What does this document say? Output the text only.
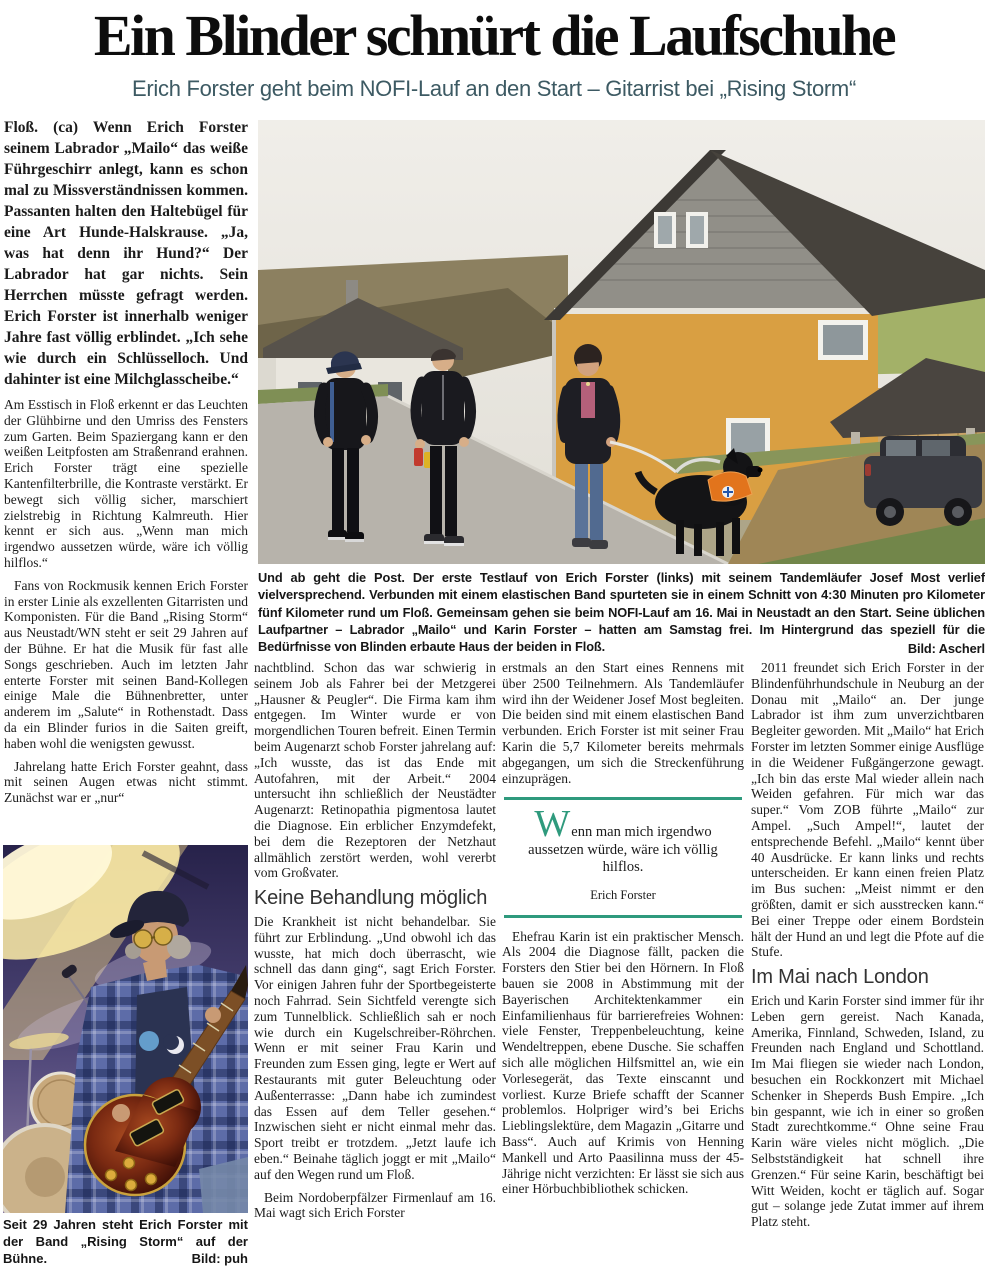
Ein Blinder schnürt die Laufschuhe
Erich Forster geht beim NOFI-Lauf an den Start – Gitarrist bei „Rising Storm“

Floß. (ca) Wenn Erich Forster seinem Labrador „Mailo“ das weiße Führgeschirr anlegt, kann es schon mal zu Missverständnissen kommen. Passanten halten den Haltebügel für eine Art Hunde-Halskrause. „Ja, was hat denn ihr Hund?“ Der Labrador hat gar nichts. Sein Herrchen müsste gefragt werden. Erich Forster ist innerhalb weniger Jahre fast völlig erblindet. „Ich sehe wie durch ein Schlüsselloch. Und dahinter ist eine Milchglasscheibe.“

Am Esstisch in Floß erkennt er das Leuchten der Glühbirne und den Umriss des Fensters zum Garten. Beim Spaziergang kann er den weißen Leitpfosten am Straßenrand erahnen. Erich Forster trägt eine spezielle Kantenfilterbrille, die Kontraste verstärkt. Er bewegt sich völlig sicher, marschiert zielstrebig in Richtung Kalmreuth. Hier kennt er sich aus. „Wenn man mich irgendwo aussetzen würde, wäre ich völlig hilflos.“

Fans von Rockmusik kennen Erich Forster in erster Linie als exzellenten Gitarristen und Komponisten. Für die Band „Rising Storm“ aus Neustadt/WN steht er seit 29 Jahren auf der Bühne. Er hat die Musik für fast alle Songs geschrieben. Auch im letzten Jahr enterte Forster mit seinen Band-Kollegen einige Male die Bühnenbretter, unter anderem im „Salute“ in Rothenstadt. Dass da ein Blinder furios in die Saiten greift, haben wohl die wenigsten gewusst.

Jahrelang hatte Erich Forster geahnt, dass mit seinen Augen etwas nicht stimmt. Zunächst war er „nur“

Und ab geht die Post. Der erste Testlauf von Erich Forster (links) mit seinem Tandemläufer Josef Most verlief vielversprechend. Verbunden mit einem elastischen Band spurteten sie in einem Schnitt von 4:30 Minuten pro Kilometer fünf Kilometer rund um Floß. Gemeinsam gehen sie beim NOFI-Lauf am 16. Mai in Neustadt an den Start. Seine üblichen Laufpartner – Labrador „Mailo“ und Karin Forster – hatten am Samstag frei. Im Hintergrund das speziell für die Bedürfnisse von Blinden erbaute Haus der beiden in Floß.	Bild: Ascherl

nachtblind. Schon das war schwierig in seinem Job als Fahrer bei der Metzgerei „Hausner & Peugler“. Die Firma kam ihm entgegen. Im Winter wurde er von morgendlichen Touren befreit. Einen Termin beim Augenarzt schob Forster jahrelang auf: „Ich wusste, das ist das Ende mit Autofahren, mit der Arbeit.“ 2004 untersucht ihn schließlich der Neustädter Augenarzt: Retinopathia pigmentosa lautet die Diagnose. Ein erblicher Enzymdefekt, bei dem die Rezeptoren der Netzhaut allmählich zerstört werden, wohl vererbt vom Großvater.

Keine Behandlung möglich

Die Krankheit ist nicht behandelbar. Sie führt zur Erblindung. „Und obwohl ich das wusste, hat mich doch überrascht, wie schnell das dann ging“, sagt Erich Forster. Vor einigen Jahren fuhr der Sportbegeisterte noch Fahrrad. Sein Sichtfeld verengte sich zum Tunnelblick. Schließlich sah er noch wie durch ein Kugelschreiber-Röhrchen. Wenn er mit seiner Frau Karin und Freunden zum Essen ging, legte er Wert auf Restaurants mit guter Beleuchtung oder Außenterrasse: „Dann habe ich zumindest das Essen auf dem Teller gesehen.“ Inzwischen sieht er nicht einmal mehr das. Sport treibt er trotzdem. „Jetzt laufe ich eben.“ Beinahe täglich joggt er mit „Mailo“ auf den Wegen rund um Floß.

Beim Nordoberpfälzer Firmenlauf am 16. Mai wagt sich Erich Forster

erstmals an den Start eines Rennens mit über 2500 Teilnehmern. Als Tandemläufer wird ihn der Weidener Josef Most begleiten. Die beiden sind mit einem elastischen Band verbunden. Erich Forster ist mit seiner Frau Karin die 5,7 Kilometer bereits mehrmals abgegangen, um sich die Streckenführung einzuprägen.

Wenn man mich irgendwo aussetzen würde, wäre ich völlig hilflos.
Erich Forster

Ehefrau Karin ist ein praktischer Mensch. Als 2004 die Diagnose fällt, packen die Forsters den Stier bei den Hörnern. In Floß bauen sie 2008 in Abstimmung mit der Bayerischen Architektenkammer ein Einfamilienhaus für barrierefreies Wohnen: viele Fenster, Treppenbeleuchtung, keine Wendeltreppen, ebene Dusche. Sie schaffen sich alle möglichen Hilfsmittel an, wie ein Vorlesegerät, das Texte einscannt und vorliest. Kurze Briefe schafft der Scanner problemlos. Holpriger wird’s bei Erichs Lieblingslektüre, dem Magazin „Gitarre und Bass“. Auch auf Krimis von Henning Mankell und Arto Paasilinna muss der 45-Jährige nicht verzichten: Er lässt sie sich aus einer Hörbuchbibliothek schicken.

2011 freundet sich Erich Forster in der Blindenführhundschule in Neuburg an der Donau mit „Mailo“ an. Der junge Labrador ist ihm zum unverzichtbaren Begleiter geworden. Mit „Mailo“ hat Erich Forster im letzten Sommer einige Ausflüge in die Weidener Fußgängerzone gewagt. „Ich bin das erste Mal wieder allein nach Weiden gefahren. Für mich war das super.“ Vom ZOB führte „Mailo“ zur Ampel. „Such Ampel!“, lautet der entsprechende Befehl. „Mailo“ kennt über 40 Ausdrücke. Er kann links und rechts unterscheiden. Er kann einen freien Platz im Bus suchen: „Meist nimmt er den größten, damit er sich ausstrecken kann.“ Bei einer Treppe oder einem Bordstein hält der Hund an und legt die Pfote auf die Stufe.

Im Mai nach London

Erich und Karin Forster sind immer für ihr Leben gern gereist. Nach Kanada, Amerika, Finnland, Schweden, Island, zu Freunden nach England und Schottland. Im Mai fliegen sie wieder nach London, besuchen ein Rockkonzert mit Michael Schenker in Sheperds Bush Empire. „Ich bin gespannt, wie ich in einer so großen Stadt zurechtkomme.“ Ohne seine Frau Karin wäre vieles nicht möglich. „Die Selbstständigkeit hat schnell ihre Grenzen.“ Für seine Karin, beschäftigt bei Witt Weiden, kocht er täglich auf. Sogar gut – solange jede Zutat immer auf ihrem Platz steht.

Seit 29 Jahren steht Erich Forster mit der Band „Rising Storm“ auf der Bühne.	Bild: puh
